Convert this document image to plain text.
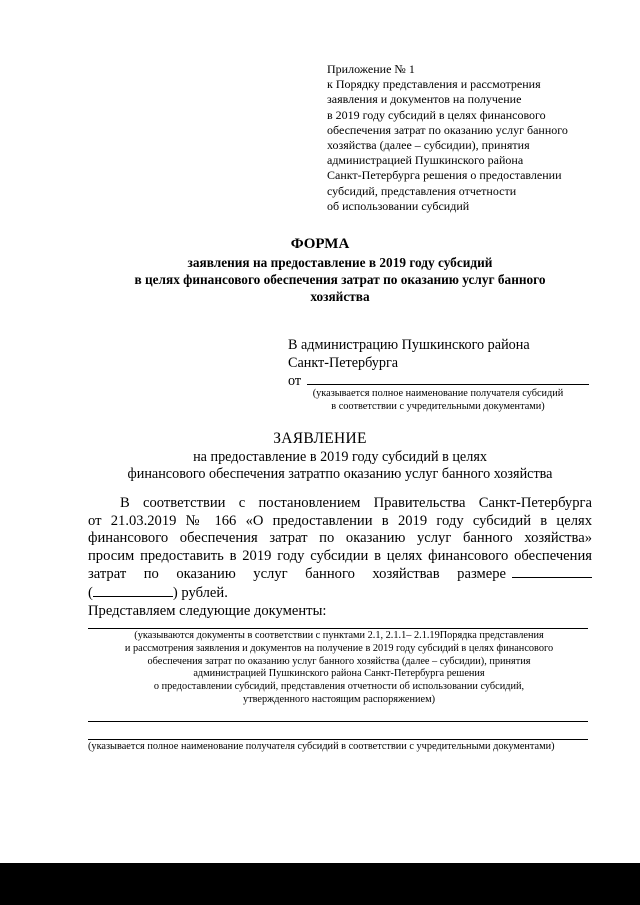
Приложение № 1
к Порядку представления и рассмотрения
заявления и документов на получение
в 2019 году субсидий в целях финансового
обеспечения затрат по оказанию услуг банного
хозяйства (далее – субсидии), принятия
администрацией Пушкинского района
Санкт-Петербурга решения о предоставлении
субсидий, представления отчетности
об использовании субсидий
ФОРМА
заявления на предоставление в 2019 году субсидий
в целях финансового обеспечения затрат по оказанию услуг банного
хозяйства
В администрацию Пушкинского района
Санкт-Петербурга
от
(указывается полное наименование получателя субсидий
в соответствии с учредительными документами)
ЗАЯВЛЕНИЕ
на предоставление в 2019 году субсидий в целях
финансового обеспечения затратпо оказанию услуг банного хозяйства
В соответствии с постановлением Правительства Санкт-Петербурга
от 21.03.2019 № 166 «О предоставлении в 2019 году субсидий в целях
финансового обеспечения затрат по оказанию услуг банного хозяйства»
просим предоставить в 2019 году субсидии в целях финансового обеспечения
затрат по оказанию услуг банного хозяйствав размере
(	) рублей.
Представляем следующие документы:
(указываются документы в соответствии с пунктами 2.1, 2.1.1– 2.1.19Порядка представления
и рассмотрения заявления и документов на получение в 2019 году субсидий в целях финансового
обеспечения затрат по оказанию услуг банного хозяйства (далее – субсидии), принятия
администрацией Пушкинского района Санкт-Петербурга решения
о предоставлении субсидий, представления отчетности об использовании субсидий,
утвержденного настоящим распоряжением)
(указывается полное наименование получателя субсидий в соответствии с учредительными документами)
